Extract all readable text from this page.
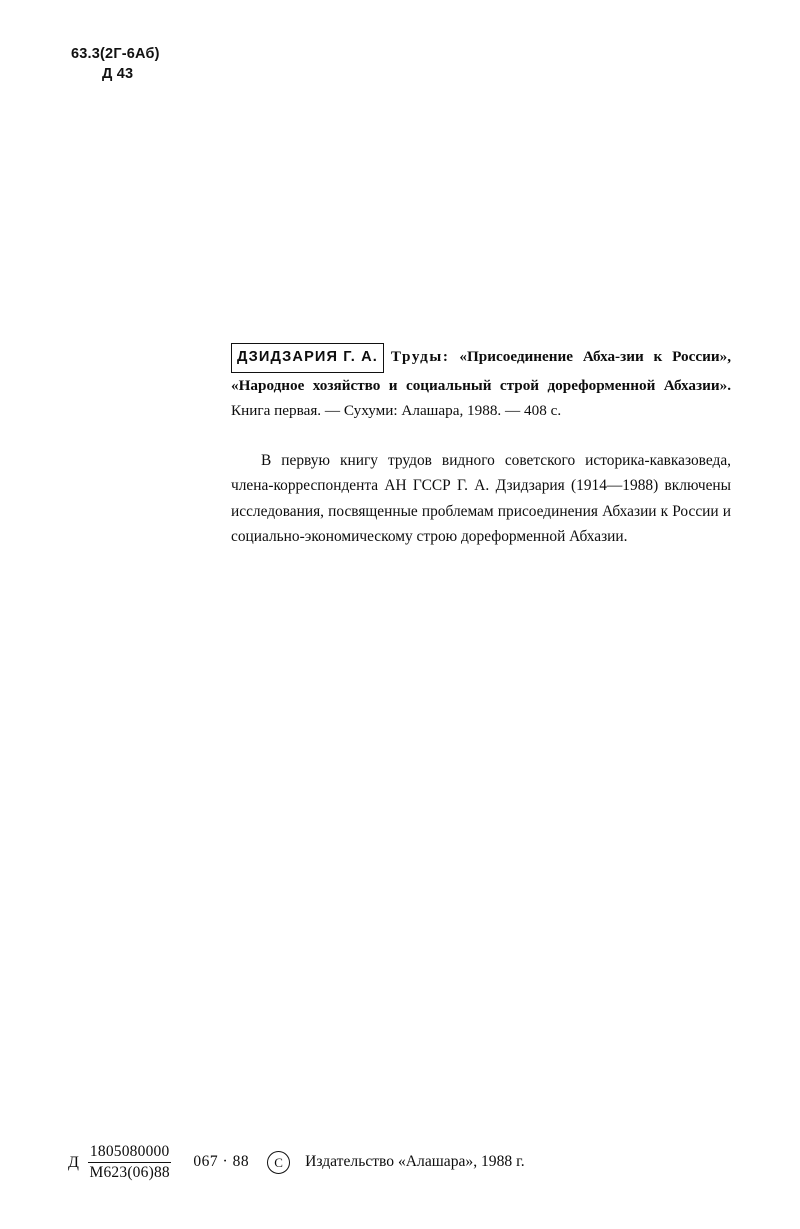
63.3(2Г-6Аб)
Д 43

ДЗИДЗАРИЯ Г. А. Труды: «Присоединение Абха-зии к России», «Народное хозяйство и социальный строй дореформенной Абхазии». Книга первая. — Сухуми: Алашара, 1988. — 408 с.

В первую книгу трудов видного советского историка-кавказоведа, члена-корреспондента АН ГССР Г. А. Дзидзария (1914—1988) включены исследования, посвященные проблемам присоединения Абхазии к России и социально-экономическому строю дореформенной Абхазии.

Д $\frac{1805080000}{М623(06)88} 067 \cdot 88$	С	Издательство «Алашара», 1988 г.
